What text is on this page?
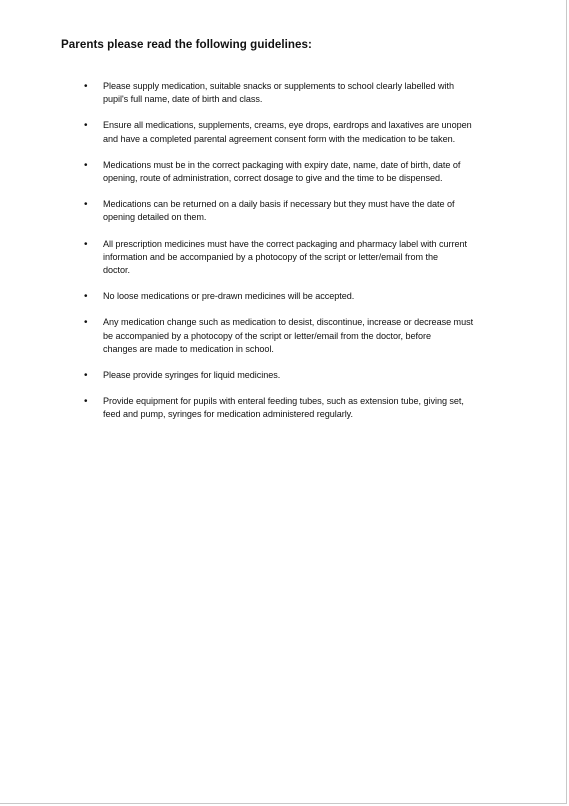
Parents please read the following guidelines:
• Please supply medication, suitable snacks or supplements to school clearly labelled with
pupil's full name, date of birth and class.
• Ensure all medications, supplements, creams, eye drops, eardrops and laxatives are unopen
and have a completed parental agreement consent form with the medication to be taken.
• Medications must be in the correct packaging with expiry date, name, date of birth, date of
opening, route of administration, correct dosage to give and the time to be dispensed.
• Medications can be returned on a daily basis if necessary but they must have the date of
opening detailed on them.
• All prescription medicines must have the correct packaging and pharmacy label with current
information and be accompanied by a photocopy of the script or letter/email from the
doctor.
• No loose medications or pre-drawn medicines will be accepted.
• Any medication change such as medication to desist, discontinue, increase or decrease must
be accompanied by a photocopy of the script or letter/email from the doctor, before
changes are made to medication in school.
• Please provide syringes for liquid medicines.
• Provide equipment for pupils with enteral feeding tubes, such as extension tube, giving set,
feed and pump, syringes for medication administered regularly.
